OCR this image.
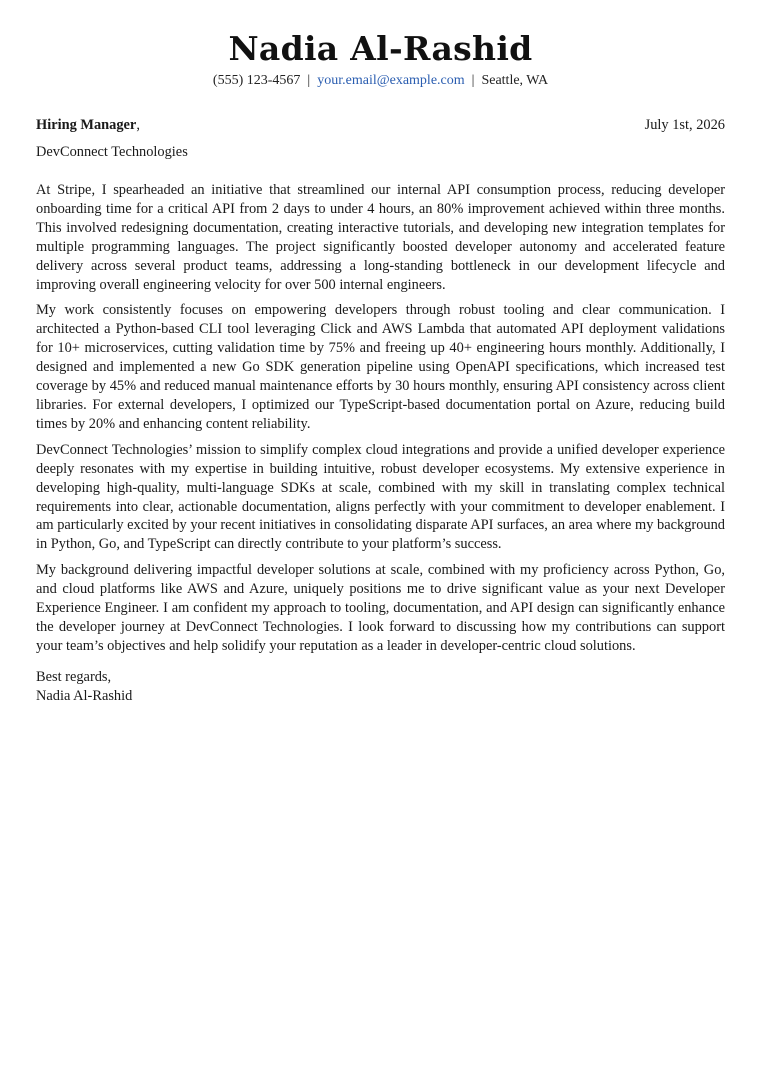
Nadia Al-Rashid
(555) 123-4567 | your.email@example.com | Seattle, WA
Hiring Manager,	July 1st, 2026
DevConnect Technologies

At Stripe, I spearheaded an initiative that streamlined our internal API consumption process, reducing developer onboarding time for a critical API from 2 days to under 4 hours, an 80% improvement achieved within three months. This involved redesigning documentation, creating interactive tutorials, and developing new integration templates for multiple programming languages. The project significantly boosted developer autonomy and accelerated feature delivery across several product teams, addressing a long-standing bottleneck in our development lifecycle and improving overall engineering velocity for over 500 internal engineers.

My work consistently focuses on empowering developers through robust tooling and clear communication. I architected a Python-based CLI tool leveraging Click and AWS Lambda that automated API deployment validations for 10+ microservices, cutting validation time by 75% and freeing up 40+ engineering hours monthly. Additionally, I designed and implemented a new Go SDK generation pipeline using OpenAPI specifications, which increased test coverage by 45% and reduced manual maintenance efforts by 30 hours monthly, ensuring API consistency across client libraries. For external developers, I optimized our TypeScript-based documentation portal on Azure, reducing build times by 20% and enhancing content reliability.

DevConnect Technologies’ mission to simplify complex cloud integrations and provide a unified developer experience deeply resonates with my expertise in building intuitive, robust developer ecosystems. My extensive experience in developing high-quality, multi-language SDKs at scale, combined with my skill in translating complex technical requirements into clear, actionable documentation, aligns perfectly with your commitment to developer enablement. I am particularly excited by your recent initiatives in consolidating disparate API surfaces, an area where my background in Python, Go, and TypeScript can directly contribute to your platform’s success.

My background delivering impactful developer solutions at scale, combined with my proficiency across Python, Go, and cloud platforms like AWS and Azure, uniquely positions me to drive significant value as your next Developer Experience Engineer. I am confident my approach to tooling, documentation, and API design can significantly enhance the developer journey at DevConnect Technologies. I look forward to discussing how my contributions can support your team’s objectives and help solidify your reputation as a leader in developer-centric cloud solutions.

Best regards,
Nadia Al-Rashid
